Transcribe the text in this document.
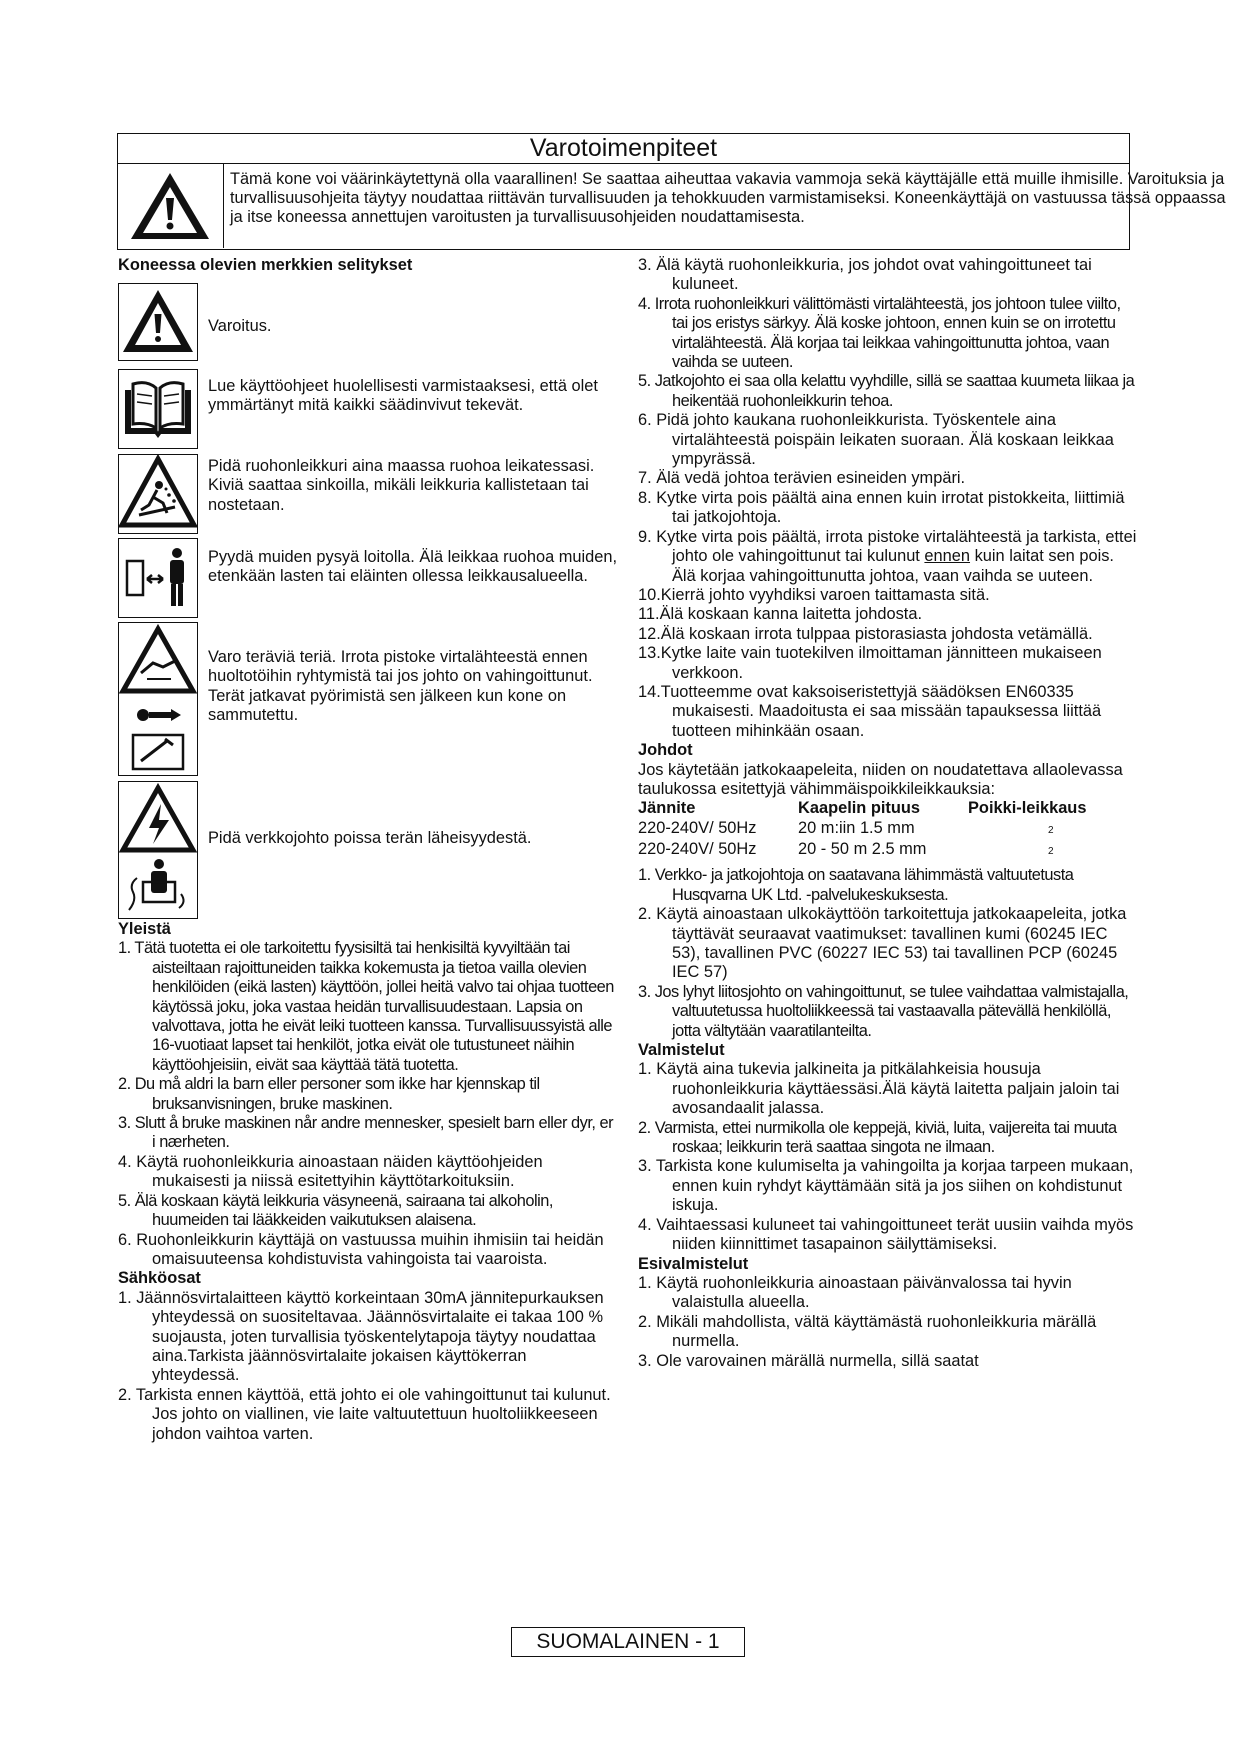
Varotoimenpiteet
Tämä kone voi väärinkäytettynä olla vaarallinen! Se saattaa aiheuttaa vakavia vammoja sekä käyttäjälle että muille ihmisille. Varoituksia ja turvallisuusohjeita täytyy noudattaa riittävän turvallisuuden ja tehokkuuden varmistamiseksi. Koneenkäyttäjä on vastuussa tässä oppaassa ja itse koneessa annettujen varoitusten ja turvallisuusohjeiden noudattamisesta.

Koneessa olevien merkkien selitykset

Varoitus.
Lue käyttöohjeet huolellisesti varmistaaksesi, että olet ymmärtänyt mitä kaikki säädinvivut tekevät.
Pidä ruohonleikkuri aina maassa ruohoa leikatessasi. Kiviä saattaa sinkoilla, mikäli leikkuria kallistetaan tai nostetaan.
Pyydä muiden pysyä loitolla. Älä leikkaa ruohoa muiden, etenkään lasten tai eläinten ollessa leikkausalueella.

Varo teräviä teriä. Irrota pistoke virtalähteestä ennen huoltotöihin ryhtymistä tai jos johto on vahingoittunut.

Terät jatkavat pyörimistä sen jälkeen kun kone on sammutettu.

Pidä verkkojohto poissa terän läheisyydestä.

Yleistä

1. Tätä tuotetta ei ole tarkoitettu fyysisiltä tai henkisiltä kyvyiltään tai aisteiltaan rajoittuneiden taikka kokemusta ja tietoa vailla olevien henkilöiden (eikä lasten) käyttöön, jollei heitä valvo tai ohjaa tuotteen käytössä joku, joka vastaa heidän turvallisuudestaan. Lapsia on valvottava, jotta he eivät leiki tuotteen kanssa. Turvallisuussyistä alle 16-vuotiaat lapset tai henkilöt, jotka eivät ole tutustuneet näihin käyttöohjeisiin, eivät saa käyttää tätä tuotetta.

2. Du må aldri la barn eller personer som ikke har kjennskap til bruksanvisningen, bruke maskinen.

3. Slutt å bruke maskinen når andre mennesker, spesielt barn eller dyr, er i nærheten.

4. Käytä ruohonleikkuria ainoastaan näiden käyttöohjeiden mukaisesti ja niissä esitettyihin käyttötarkoituksiin.

5. Älä koskaan käytä leikkuria väsyneenä, sairaana tai alkoholin, huumeiden tai lääkkeiden vaikutuksen alaisena.

6. Ruohonleikkurin käyttäjä on vastuussa muihin ihmisiin tai heidän omaisuuteensa kohdistuvista vahingoista tai vaaroista.

Sähköosat

1. Jäännösvirtalaitteen käyttö korkeintaan 30mA jännitepurkauksen yhteydessä on suositeltavaa. Jäännösvirtalaite ei takaa 100 % suojausta, joten turvallisia työskentelytapoja täytyy noudattaa aina.Tarkista jäännösvirtalaite jokaisen käyttökerran yhteydessä.

2. Tarkista ennen käyttöä, että johto ei ole vahingoittunut tai kulunut. Jos johto on viallinen, vie laite valtuutettuun huoltoliikkeeseen johdon vaihtoa varten.

3. Älä käytä ruohonleikkuria, jos johdot ovat vahingoittuneet tai kuluneet.

4. Irrota ruohonleikkuri välittömästi virtalähteestä, jos johtoon tulee viilto, tai jos eristys särkyy. Älä koske johtoon, ennen kuin se on irrotettu virtalähteestä. Älä korjaa tai leikkaa vahingoittunutta johtoa, vaan vaihda se uuteen.

5. Jatkojohto ei saa olla kelattu vyyhdille, sillä se saattaa kuumeta liikaa ja heikentää ruohonleikkurin tehoa.

6. Pidä johto kaukana ruohonleikkurista. Työskentele aina virtalähteestä poispäin leikaten suoraan. Älä koskaan leikkaa ympyrässä.

7. Älä vedä johtoa terävien esineiden ympäri.

8. Kytke virta pois päältä aina ennen kuin irrotat pistokkeita, liittimiä tai jatkojohtoja.

9. Kytke virta pois päältä, irrota pistoke virtalähteestä ja tarkista, ettei johto ole vahingoittunut tai kulunut ennen kuin laitat sen pois. Älä korjaa vahingoittunutta johtoa, vaan vaihda se uuteen.

10.Kierrä johto vyyhdiksi varoen taittamasta sitä.

11.Älä koskaan kanna laitetta johdosta.

12.Älä koskaan irrota tulppaa pistorasiasta johdosta vetämällä.

13.Kytke laite vain tuotekilven ilmoittaman jännitteen mukaiseen verkkoon.

14.Tuotteemme ovat kaksoiseristettyjä säädöksen EN60335 mukaisesti. Maadoitusta ei saa missään tapauksessa liittää tuotteen mihinkään osaan.

Johdot

Jos käytetään jatkokaapeleita, niiden on noudatettava allaolevassa taulukossa esitettyjä vähimmäispoikkileikkauksia:

Jännite	Kaapelin pituus	Poikki-leikkaus
220-240V/ 50Hz	20 m:iin 1.5 mm	$^2$
220-240V/ 50Hz	20 - 50 m 2.5 mm	$^2$

1. Verkko- ja jatkojohtoja on saatavana lähimmästä valtuutetusta Husqvarna UK Ltd. -palvelukeskuksesta.

2. Käytä ainoastaan ulkokäyttöön tarkoitettuja jatkokaapeleita, jotka täyttävät seuraavat vaatimukset: tavallinen kumi (60245 IEC 53), tavallinen PVC (60227 IEC 53) tai tavallinen PCP (60245 IEC 57)

3. Jos lyhyt liitosjohto on vahingoittunut, se tulee vaihdattaa valmistajalla, valtuutetussa huoltoliikkeessä tai vastaavalla pätevällä henkilöllä, jotta vältytään vaaratilanteilta.

Valmistelut

1. Käytä aina tukevia jalkineita ja pitkälahkeisia housuja ruohonleikkuria käyttäessäsi.Älä käytä laitetta paljain jaloin tai avosandaalit jalassa.

2. Varmista, ettei nurmikolla ole keppejä, kiviä, luita, vaijereita tai muuta roskaa; leikkurin terä saattaa singota ne ilmaan.

3. Tarkista kone kulumiselta ja vahingoilta ja korjaa tarpeen mukaan, ennen kuin ryhdyt käyttämään sitä ja jos siihen on kohdistunut iskuja.

4. Vaihtaessasi kuluneet tai vahingoittuneet terät uusiin vaihda myös niiden kiinnittimet tasapainon säilyttämiseksi.

Esivalmistelut

1. Käytä ruohonleikkuria ainoastaan päivänvalossa tai hyvin valaistulla alueella.

2. Mikäli mahdollista, vältä käyttämästä ruohonleikkuria märällä nurmella.

3. Ole varovainen märällä nurmella, sillä saatat

SUOMALAINEN - 1
